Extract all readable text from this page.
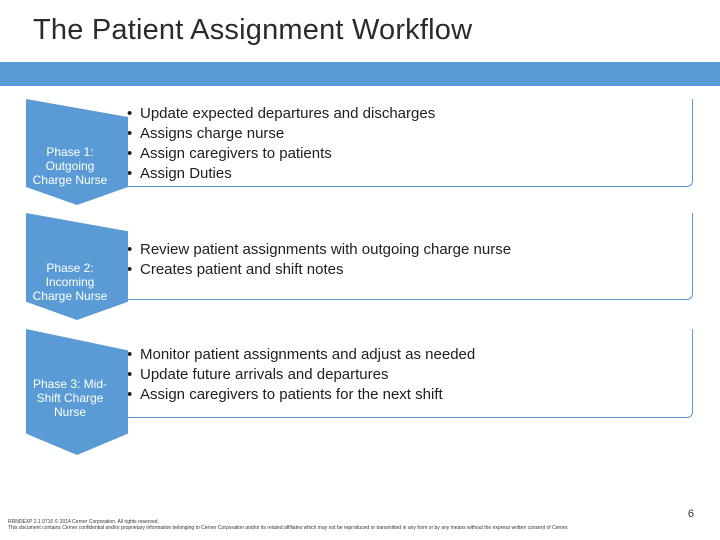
The Patient Assignment Workflow
• Update expected departures and discharges
• Assigns charge nurse
• Assign caregivers to patients
• Assign Duties
Phase 1: Outgoing Charge Nurse
• Review patient assignments with outgoing charge nurse
• Creates patient and shift notes
Phase 2: Incoming Charge Nurse
• Monitor patient assignments and adjust as needed
• Update future arrivals and departures
• Assign caregivers to patients for the next shift
Phase 3: Mid-Shift Charge Nurse
RRNDEXP 2.1.0716 © 2014 Cerner Corporation. All rights reserved.
This document contains Cerner confidential and/or proprietary information belonging to Cerner Corporation and/or its related affiliates which may not be reproduced or transmitted in any form or by any means without the express written consent of Cerner.
6
